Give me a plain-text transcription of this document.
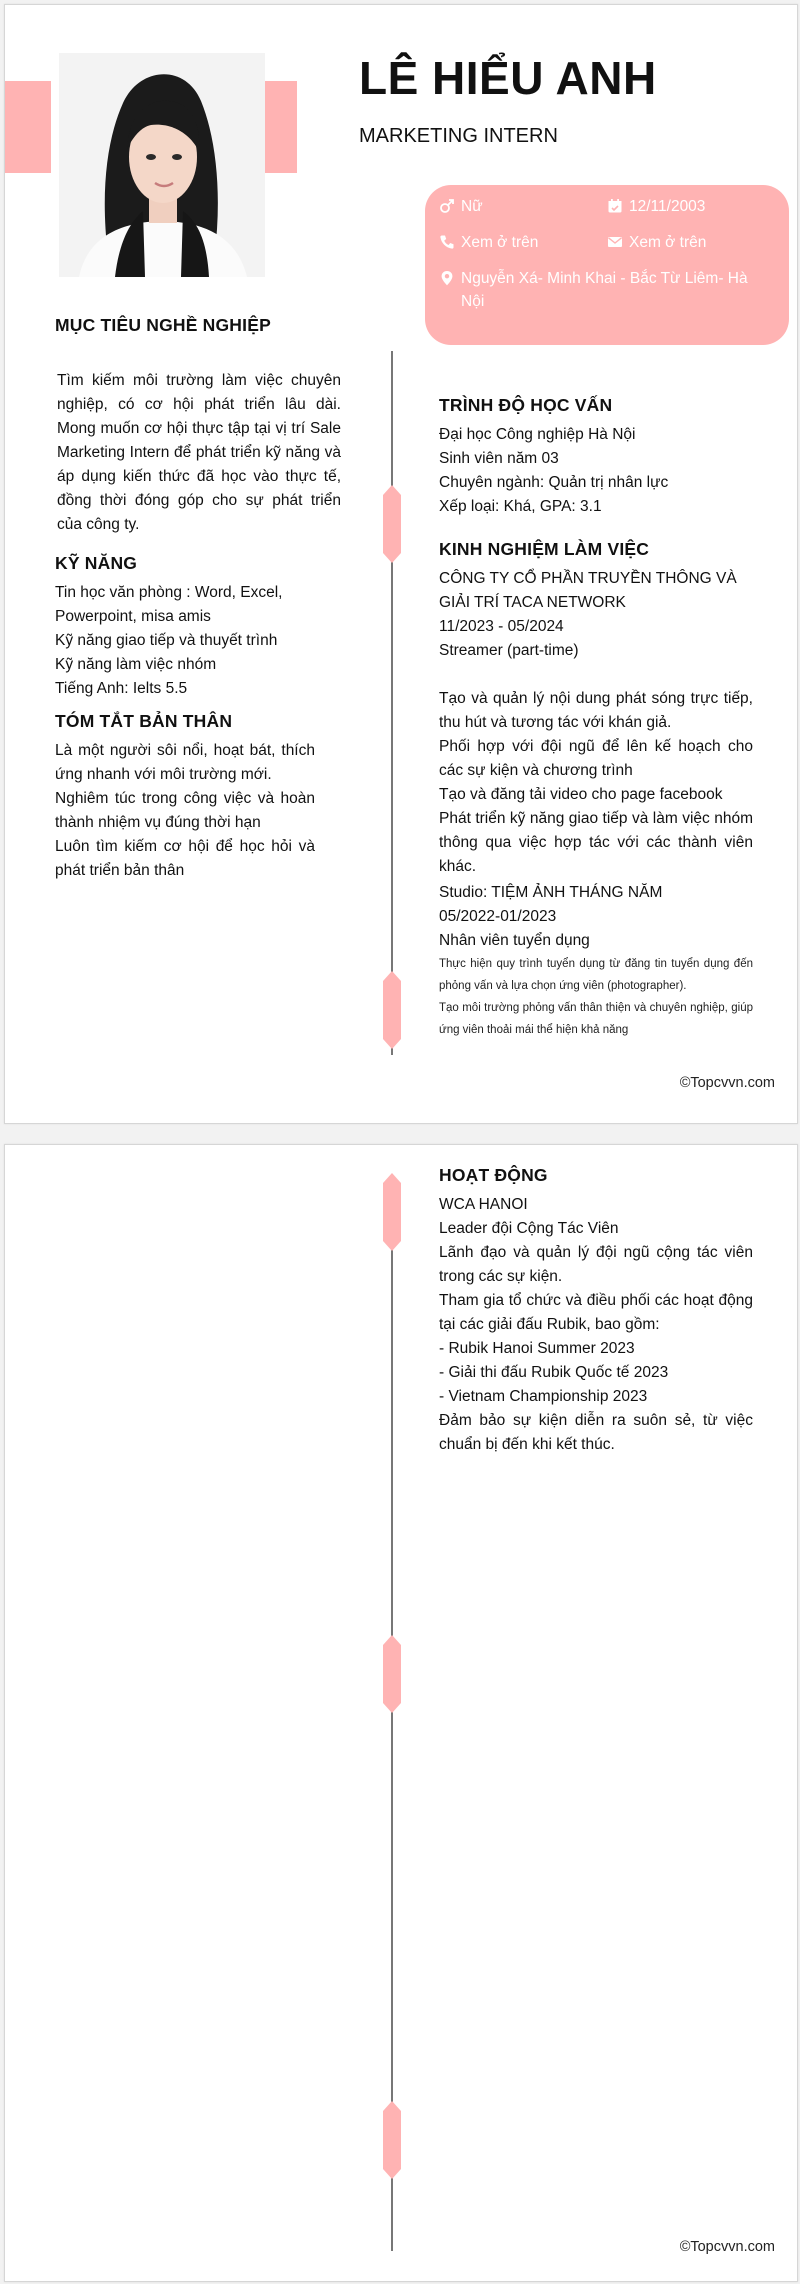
LÊ HIỂU ANH
MARKETING INTERN
Nữ	12/11/2003
Xem ở trên	Xem ở trên
Nguyễn Xá- Minh Khai - Bắc Từ Liêm- Hà Nội
MỤC TIÊU NGHỀ NGHIỆP
Tìm kiếm môi trường làm việc chuyên nghiệp, có cơ hội phát triển lâu dài. Mong muốn cơ hội thực tập tại vị trí Sale Marketing Intern để phát triển kỹ năng và áp dụng kiến thức đã học vào thực tế, đồng thời đóng góp cho sự phát triển của công ty.
KỸ NĂNG
Tin học văn phòng : Word, Excel, Powerpoint, misa amis
Kỹ năng giao tiếp và thuyết trình
Kỹ năng làm việc nhóm
Tiếng Anh: Ielts 5.5
TÓM TẮT BẢN THÂN
Là một người sôi nổi, hoạt bát, thích ứng nhanh với môi trường mới.
Nghiêm túc trong công việc và hoàn thành nhiệm vụ đúng thời hạn
Luôn tìm kiếm cơ hội để học hỏi và phát triển bản thân
TRÌNH ĐỘ HỌC VẤN
Đại học Công nghiệp Hà Nội
Sinh viên năm 03
Chuyên ngành: Quản trị nhân lực
Xếp loại: Khá, GPA: 3.1
KINH NGHIỆM LÀM VIỆC
CÔNG TY CỔ PHẦN TRUYỀN THÔNG VÀ GIẢI TRÍ TACA NETWORK
11/2023 - 05/2024
Streamer (part-time)
Tạo và quản lý nội dung phát sóng trực tiếp, thu hút và tương tác với khán giả.
Phối hợp với đội ngũ để lên kế hoạch cho các sự kiện và chương trình
Tạo và đăng tải video cho page facebook
Phát triển kỹ năng giao tiếp và làm việc nhóm thông qua việc hợp tác với các thành viên khác.
Studio: TIỆM ẢNH THÁNG NĂM
05/2022-01/2023
Nhân viên tuyển dụng
Thực hiện quy trình tuyển dụng từ đăng tin tuyển dụng đến phỏng vấn và lựa chọn ứng viên (photographer).
Tạo môi trường phỏng vấn thân thiện và chuyên nghiệp, giúp ứng viên thoải mái thể hiện khả năng
©Topcvvn.com
HOẠT ĐỘNG
WCA HANOI
Leader đội Cộng Tác Viên
Lãnh đạo và quản lý đội ngũ cộng tác viên trong các sự kiện.
Tham gia tổ chức và điều phối các hoạt động tại các giải đấu Rubik, bao gồm:
- Rubik Hanoi Summer 2023
- Giải thi đấu Rubik Quốc tế 2023
- Vietnam Championship 2023
Đảm bảo sự kiện diễn ra suôn sẻ, từ việc chuẩn bị đến khi kết thúc.
©Topcvvn.com
